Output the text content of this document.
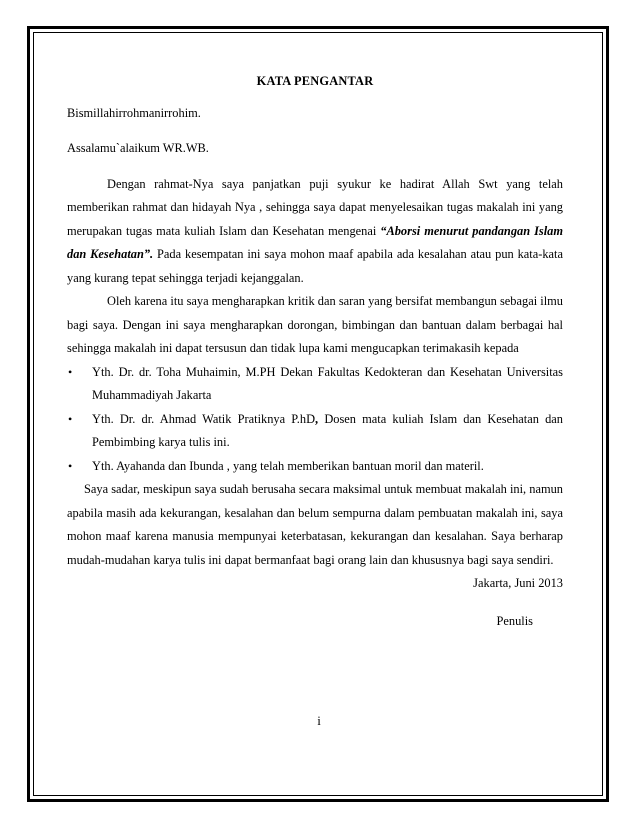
KATA PENGANTAR

Bismillahirrohmanirrohim.

Assalamu`alaikum WR.WB.

Dengan rahmat-Nya saya panjatkan puji syukur ke hadirat Allah Swt yang telah memberikan rahmat dan hidayah Nya , sehingga saya dapat menyelesaikan tugas makalah ini yang merupakan tugas mata kuliah Islam dan Kesehatan mengenai “Aborsi menurut pandangan Islam dan Kesehatan”. Pada kesempatan ini saya mohon maaf apabila ada kesalahan atau pun kata-kata yang kurang tepat sehingga terjadi kejanggalan.

Oleh karena itu saya mengharapkan kritik dan saran yang bersifat membangun sebagai ilmu bagi saya. Dengan ini saya mengharapkan dorongan, bimbingan dan bantuan dalam berbagai hal sehingga makalah ini dapat tersusun dan tidak lupa kami mengucapkan terimakasih kepada

• Yth. Dr. dr. Toha Muhaimin, M.PH Dekan Fakultas Kedokteran dan Kesehatan Universitas Muhammadiyah Jakarta
• Yth. Dr. dr. Ahmad Watik Pratiknya P.hD, Dosen mata kuliah Islam dan Kesehatan dan Pembimbing karya tulis ini.
• Yth. Ayahanda dan Ibunda , yang telah memberikan bantuan moril dan materil.

Saya sadar, meskipun saya sudah berusaha secara maksimal untuk membuat makalah ini, namun apabila masih ada kekurangan, kesalahan dan belum sempurna dalam pembuatan makalah ini, saya mohon maaf karena manusia mempunyai keterbatasan, kekurangan dan kesalahan. Saya berharap mudah-mudahan karya tulis ini dapat bermanfaat bagi orang lain dan khususnya bagi saya sendiri.

Jakarta, Juni 2013

Penulis

i
